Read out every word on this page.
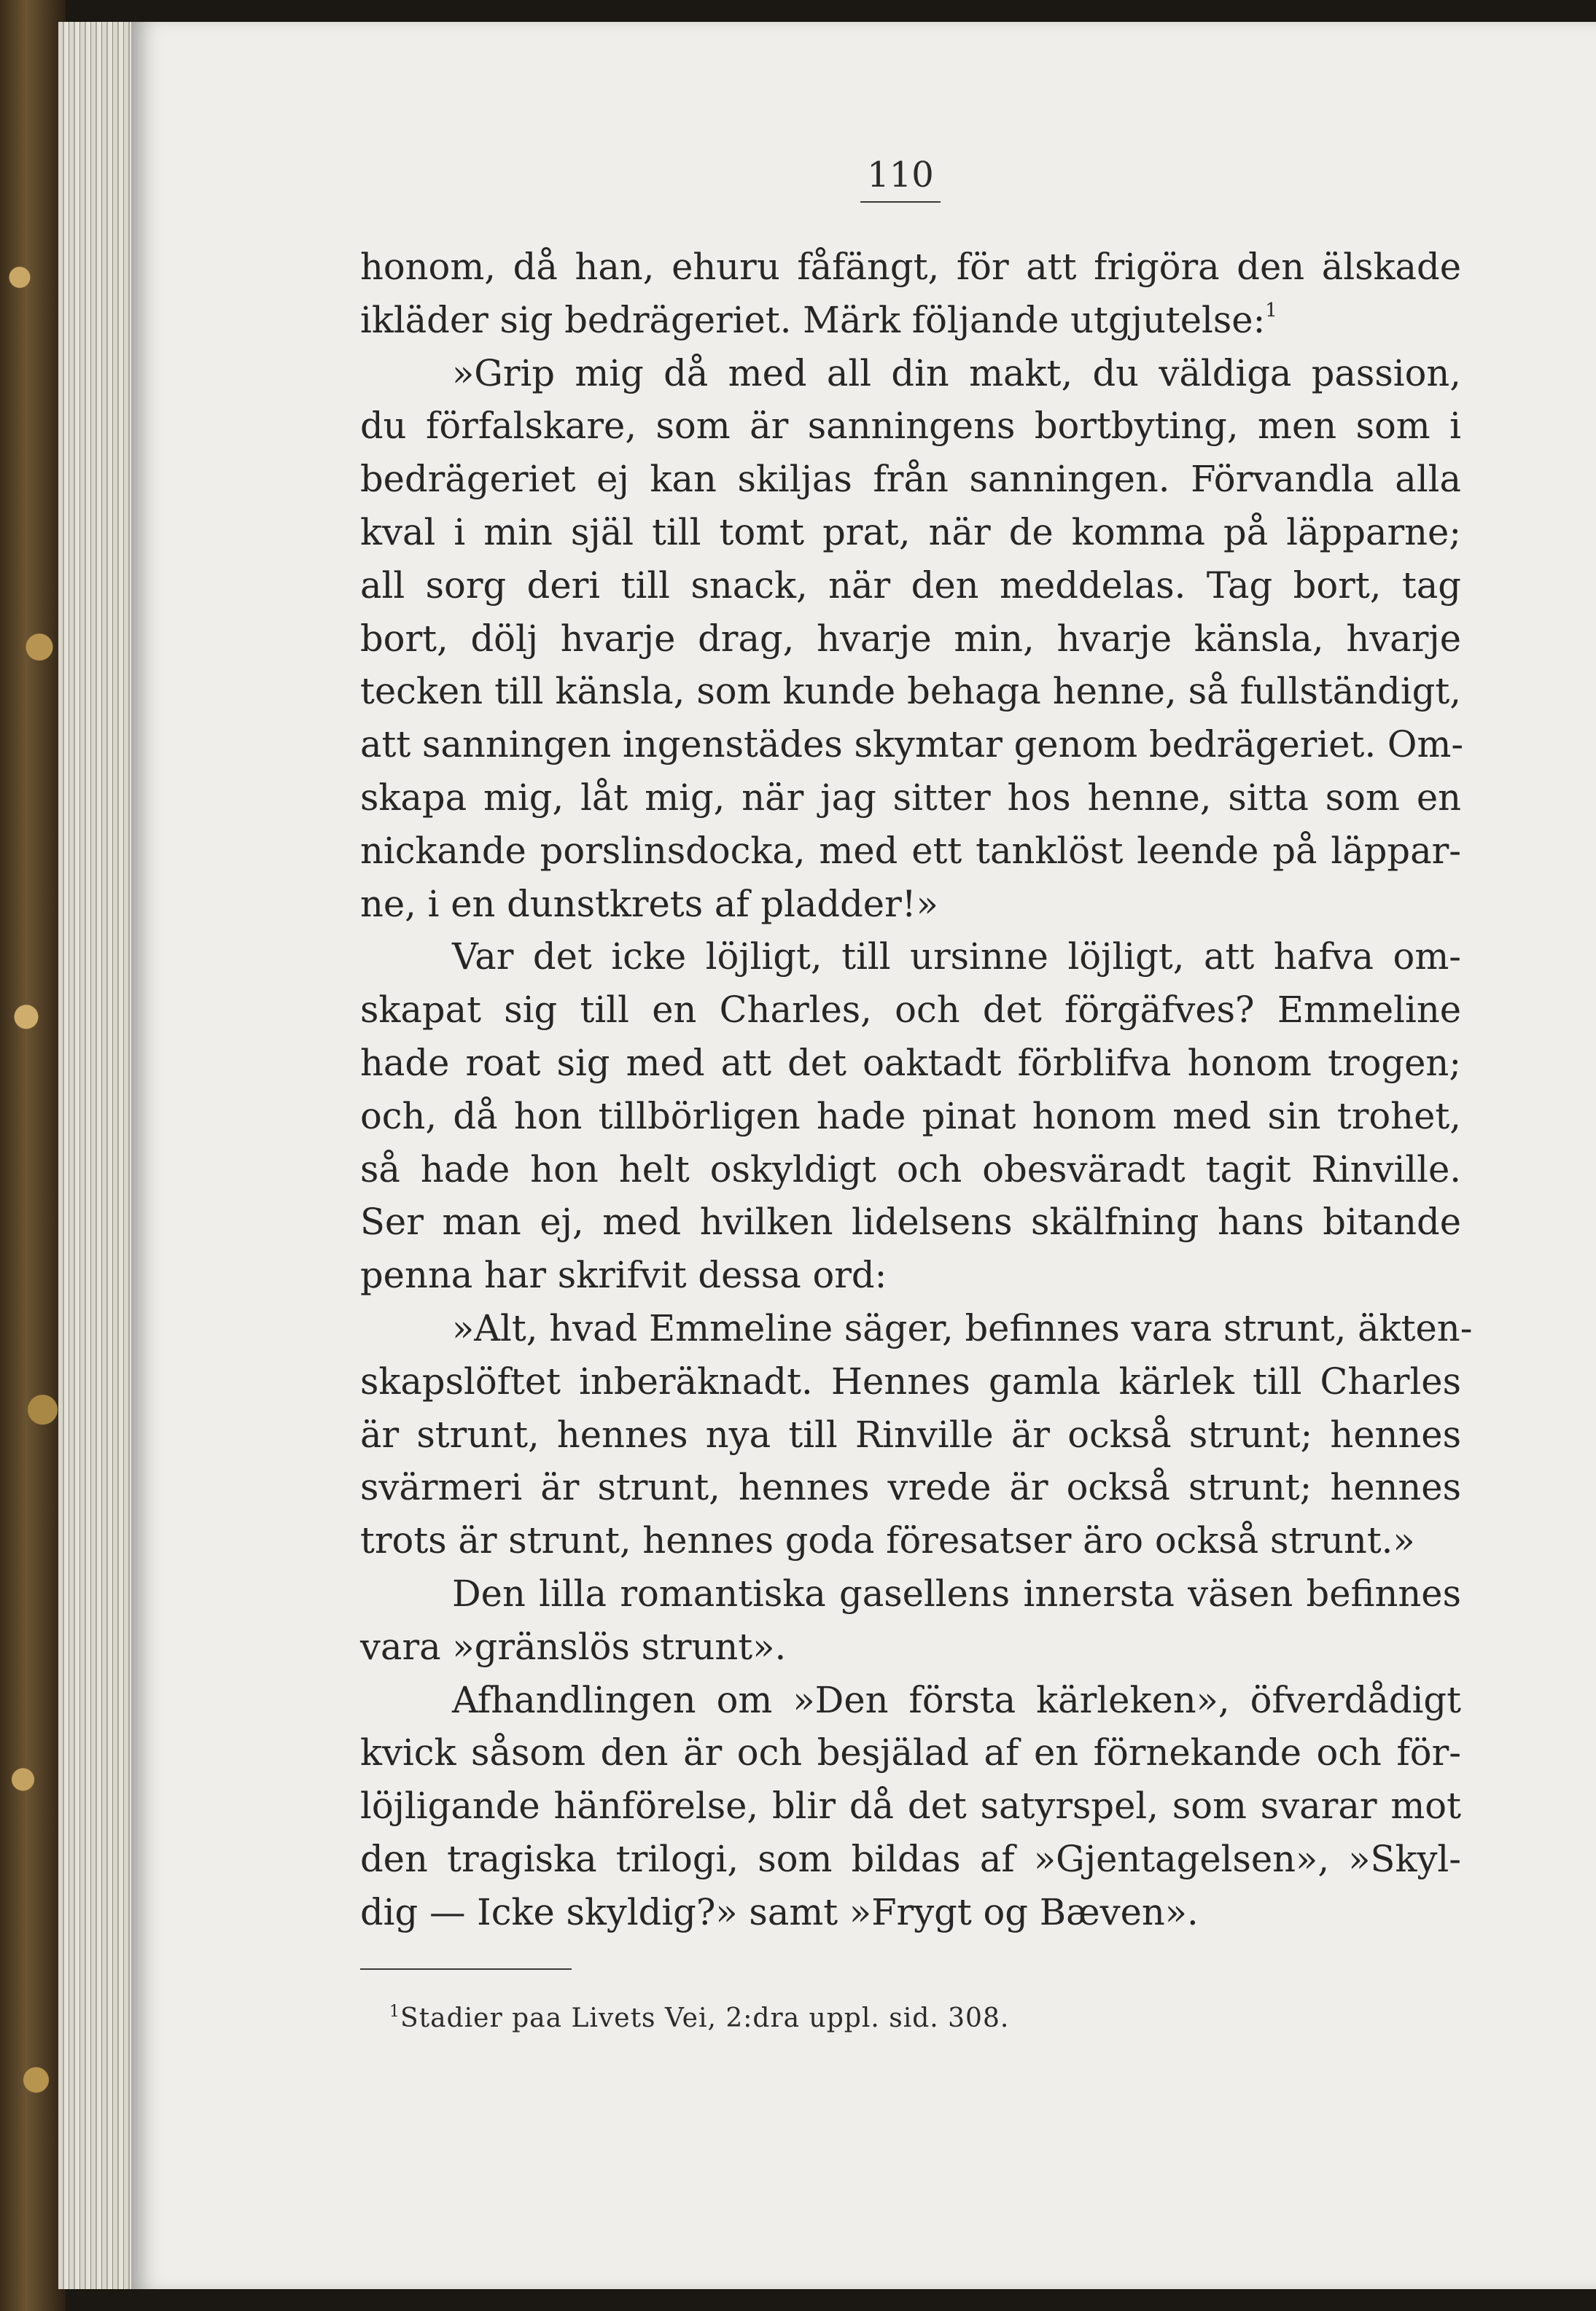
110
honom, då han, ehuru fåfängt, för att frigöra den älskade
ikläder sig bedrägeriet. Märk följande utgjutelse:$^1$
»Grip mig då med all din makt, du väldiga passion,
du förfalskare, som är sanningens bortbyting, men som i
bedrägeriet ej kan skiljas från sanningen. Förvandla alla
kval i min själ till tomt prat, när de komma på läpparne;
all sorg deri till snack, när den meddelas. Tag bort, tag
bort, dölj hvarje drag, hvarje min, hvarje känsla, hvarje
tecken till känsla, som kunde behaga henne, så fullständigt,
att sanningen ingenstädes skymtar genom bedrägeriet. Om-
skapa mig, låt mig, när jag sitter hos henne, sitta som en
nickande porslinsdocka, med ett tanklöst leende på läppar-
ne, i en dunstkrets af pladder!»
Var det icke löjligt, till ursinne löjligt, att hafva om-
skapat sig till en Charles, och det förgäfves? Emmeline
hade roat sig med att det oaktadt förblifva honom trogen;
och, då hon tillbörligen hade pinat honom med sin trohet,
så hade hon helt oskyldigt och obesväradt tagit Rinville.
Ser man ej, med hvilken lidelsens skälfning hans bitande
penna har skrifvit dessa ord:
»Alt, hvad Emmeline säger, befinnes vara strunt, äkten-
skapslöftet inberäknadt. Hennes gamla kärlek till Charles
är strunt, hennes nya till Rinville är också strunt; hennes
svärmeri är strunt, hennes vrede är också strunt; hennes
trots är strunt, hennes goda föresatser äro också strunt.»
Den lilla romantiska gasellens innersta väsen befinnes
vara »gränslös strunt».
Afhandlingen om »Den första kärleken», öfverdådigt
kvick såsom den är och besjälad af en förnekande och för-
löjligande hänförelse, blir då det satyrspel, som svarar mot
den tragiska trilogi, som bildas af »Gjentagelsen», »Skyl-
dig — Icke skyldig?» samt »Frygt og Bæven».
$^1$Stadier paa Livets Vei, 2:dra uppl. sid. 308.
